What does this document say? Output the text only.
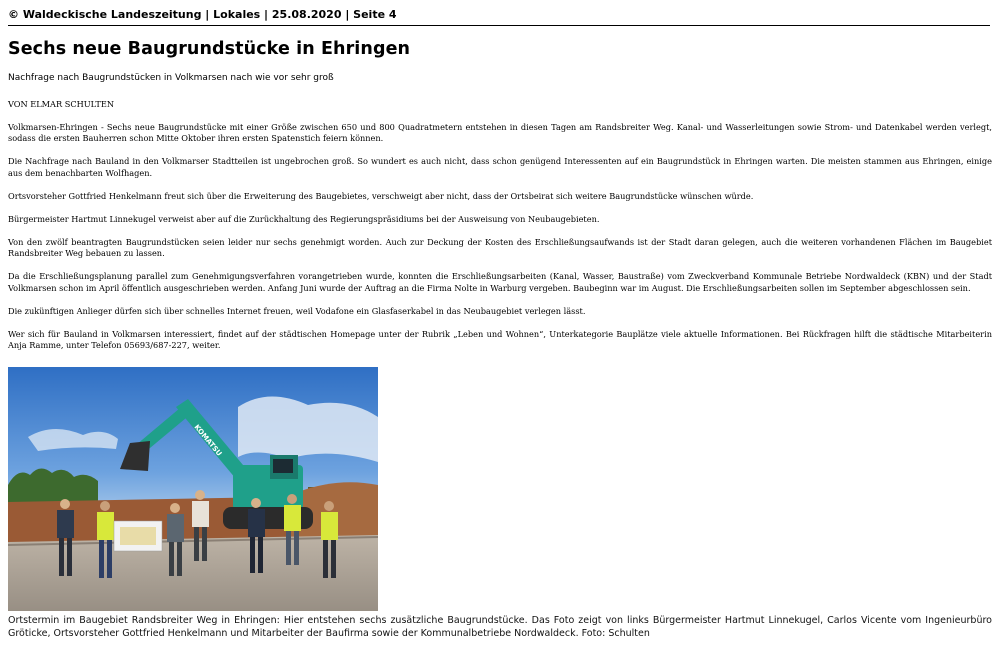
© Waldeckische Landeszeitung | Lokales | 25.08.2020 | Seite 4
Sechs neue Baugrundstücke in Ehringen
Nachfrage nach Baugrundstücken in Volkmarsen nach wie vor sehr groß

VON ELMAR SCHULTEN

Volkmarsen-Ehringen - Sechs neue Baugrundstücke mit einer Größe zwischen 650 und 800 Quadratmetern entstehen in diesen Tagen am Randsbreiter Weg. Kanal- und Wasserleitungen sowie Strom- und Datenkabel werden verlegt, sodass die ersten Bauherren schon Mitte Oktober ihren ersten Spatenstich feiern können.

Die Nachfrage nach Bauland in den Volkmarser Stadtteilen ist ungebrochen groß. So wundert es auch nicht, dass schon genügend Interessenten auf ein Baugrundstück in Ehringen warten. Die meisten stammen aus Ehringen, einige aus dem benachbarten Wolfhagen.

Ortsvorsteher Gottfried Henkelmann freut sich über die Erweiterung des Baugebietes, verschweigt aber nicht, dass der Ortsbeirat sich weitere Baugrundstücke wünschen würde.

Bürgermeister Hartmut Linnekugel verweist aber auf die Zurückhaltung des Regierungspräsidiums bei der Ausweisung von Neubaugebieten.

Von den zwölf beantragten Baugrundstücken seien leider nur sechs genehmigt worden. Auch zur Deckung der Kosten des Erschließungsaufwands ist der Stadt daran gelegen, auch die weiteren vorhandenen Flächen im Baugebiet Randsbreiter Weg bebauen zu lassen.

Da die Erschließungsplanung parallel zum Genehmigungsverfahren vorangetrieben wurde, konnten die Erschließungsarbeiten (Kanal, Wasser, Baustraße) vom Zweckverband Kommunale Betriebe Nordwaldeck (KBN) und der Stadt Volkmarsen schon im April öffentlich ausgeschrieben werden. Anfang Juni wurde der Auftrag an die Firma Nolte in Warburg vergeben. Baubeginn war im August. Die Erschließungsarbeiten sollen im September abgeschlossen sein.

Die zukünftigen Anlieger dürfen sich über schnelles Internet freuen, weil Vodafone ein Glasfaserkabel in das Neubaugebiet verlegen lässt.

Wer sich für Bauland in Volkmarsen interessiert, findet auf der städtischen Homepage unter der Rubrik „Leben und Wohnen“, Unterkategorie Bauplätze viele aktuelle Informationen. Bei Rückfragen hilft die städtische Mitarbeiterin Anja Ramme, unter Telefon 05693/687-227, weiter.

KOMATSU
Ortstermin im Baugebiet Randsbreiter Weg in Ehringen: Hier entstehen sechs zusätzliche Baugrundstücke. Das Foto zeigt von links Bürgermeister Hartmut Linnekugel, Carlos Vicente vom Ingenieurbüro Gröticke, Ortsvorsteher Gottfried Henkelmann und Mitarbeiter der Baufirma sowie der Kommunalbetriebe Nordwaldeck. Foto: Schulten
